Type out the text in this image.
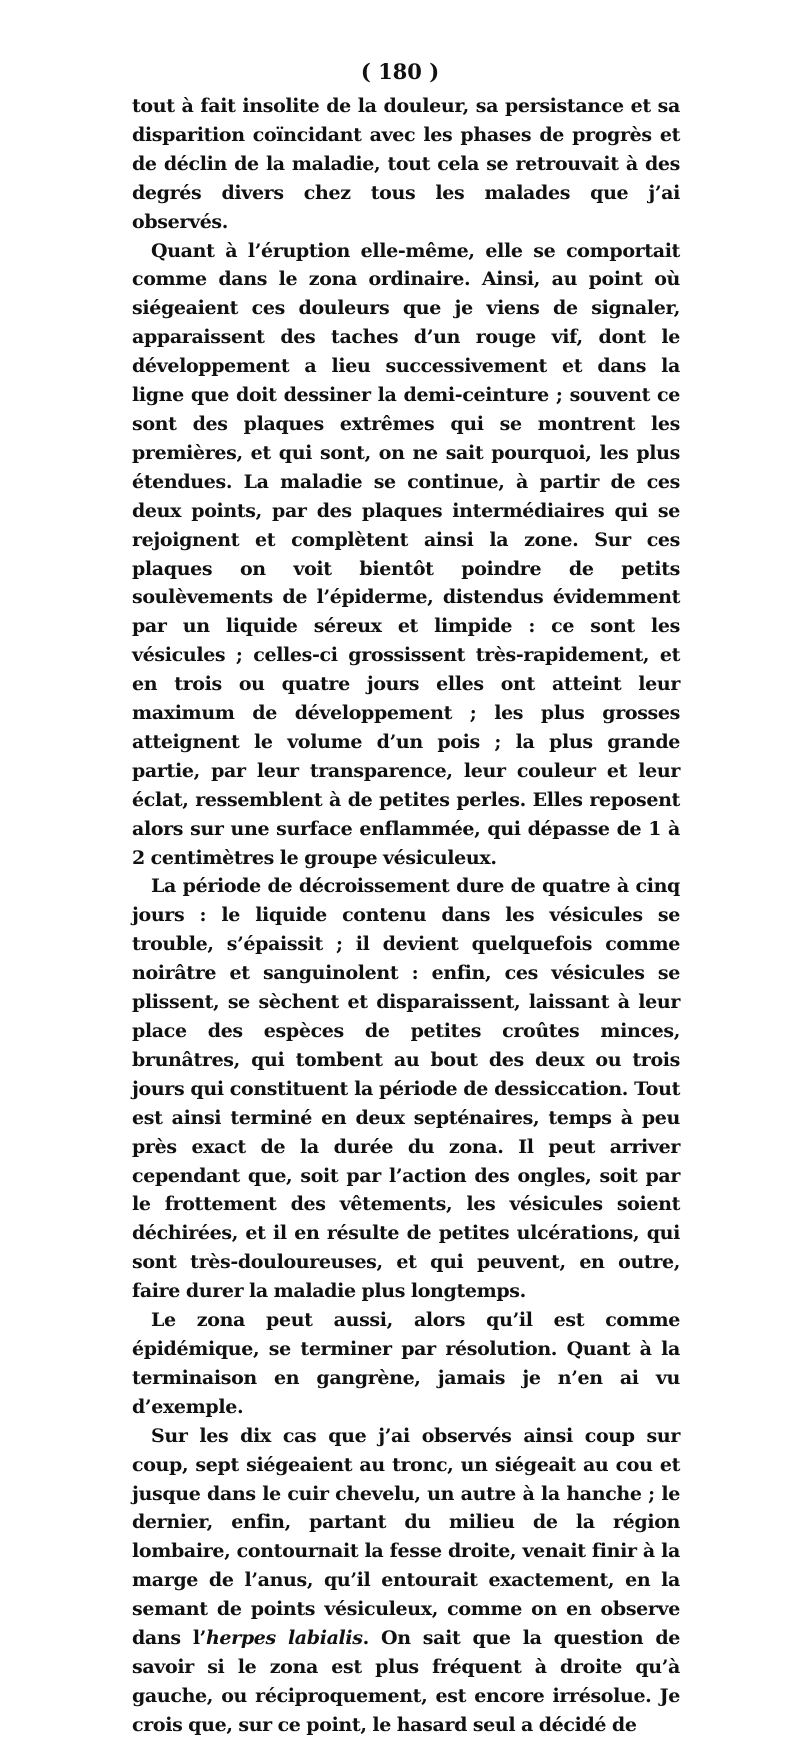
( 180 )

tout à fait insolite de la douleur, sa persistance et sa disparition coïncidant avec les phases de progrès et de déclin de la maladie, tout cela se retrouvait à des degrés divers chez tous les malades que j’ai observés.

Quant à l’éruption elle-même, elle se comportait comme dans le zona ordinaire. Ainsi, au point où siégeaient ces douleurs que je viens de signaler, apparaissent des taches d’un rouge vif, dont le développement a lieu successivement et dans la ligne que doit dessiner la demi-ceinture ; souvent ce sont des plaques extrêmes qui se montrent les premières, et qui sont, on ne sait pourquoi, les plus étendues. La maladie se continue, à partir de ces deux points, par des plaques intermédiaires qui se rejoignent et complètent ainsi la zone. Sur ces plaques on voit bientôt poindre de petits soulèvements de l’épiderme, distendus évidemment par un liquide séreux et limpide : ce sont les vésicules ; celles-ci grossissent très-rapidement, et en trois ou quatre jours elles ont atteint leur maximum de développement ; les plus grosses atteignent le volume d’un pois ; la plus grande partie, par leur transparence, leur couleur et leur éclat, ressemblent à de petites perles. Elles reposent alors sur une surface enflammée, qui dépasse de 1 à 2 centimètres le groupe vésiculeux.

La période de décroissement dure de quatre à cinq jours : le liquide contenu dans les vésicules se trouble, s’épaissit ; il devient quelquefois comme noirâtre et sanguinolent : enfin, ces vésicules se plissent, se sèchent et disparaissent, laissant à leur place des espèces de petites croûtes minces, brunâtres, qui tombent au bout des deux ou trois jours qui constituent la période de dessiccation. Tout est ainsi terminé en deux septénaires, temps à peu près exact de la durée du zona. Il peut arriver cependant que, soit par l’action des ongles, soit par le frottement des vêtements, les vésicules soient déchirées, et il en résulte de petites ulcérations, qui sont très-douloureuses, et qui peuvent, en outre, faire durer la maladie plus longtemps.

Le zona peut aussi, alors qu’il est comme épidémique, se terminer par résolution. Quant à la terminaison en gangrène, jamais je n’en ai vu d’exemple.

Sur les dix cas que j’ai observés ainsi coup sur coup, sept siégeaient au tronc, un siégeait au cou et jusque dans le cuir chevelu, un autre à la hanche ; le dernier, enfin, partant du milieu de la région lombaire, contournait la fesse droite, venait finir à la marge de l’anus, qu’il entourait exactement, en la semant de points vésiculeux, comme on en observe dans l’herpes labialis. On sait que la question de savoir si le zona est plus fréquent à droite qu’à gauche, ou réciproquement, est encore irrésolue. Je crois que, sur ce point, le hasard seul a décidé de
